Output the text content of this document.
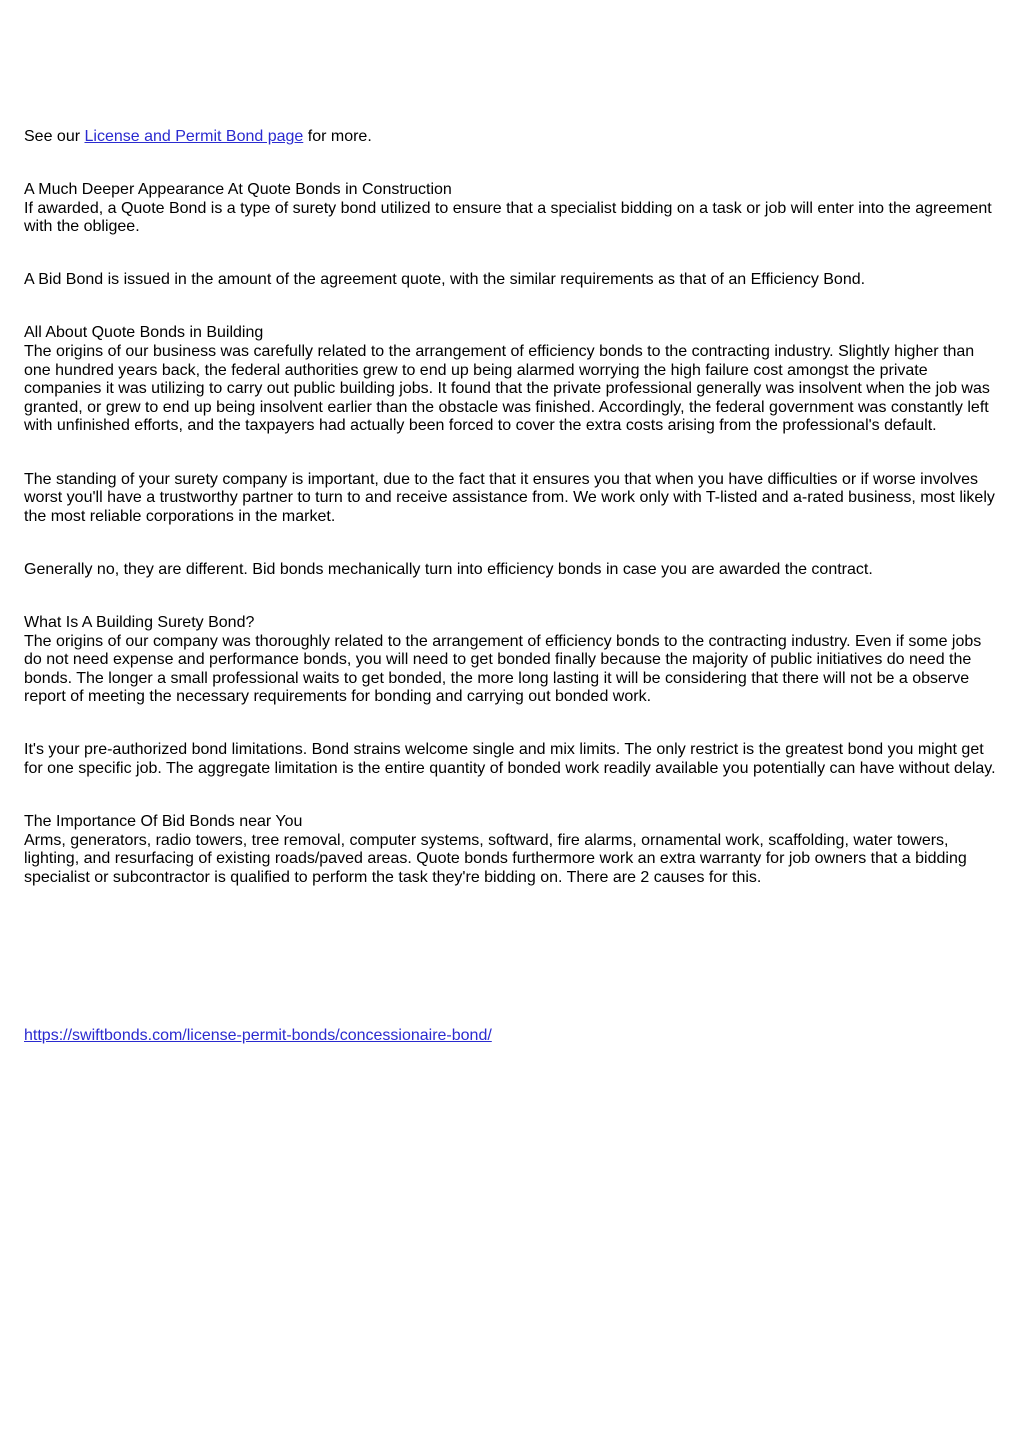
See our License and Permit Bond page for more.

A Much Deeper Appearance At Quote Bonds in Construction

If awarded, a Quote Bond is a type of surety bond utilized to ensure that a specialist bidding on a task or job will enter into the agreement with the obligee.

A Bid Bond is issued in the amount of the agreement quote, with the similar requirements as that of an Efficiency Bond.

All About Quote Bonds in Building

The origins of our business was carefully related to the arrangement of efficiency bonds to the contracting industry. Slightly higher than one hundred years back, the federal authorities grew to end up being alarmed worrying the high failure cost amongst the private companies it was utilizing to carry out public building jobs. It found that the private professional generally was insolvent when the job was granted, or grew to end up being insolvent earlier than the obstacle was finished. Accordingly, the federal government was constantly left with unfinished efforts, and the taxpayers had actually been forced to cover the extra costs arising from the professional's default.

The standing of your surety company is important, due to the fact that it ensures you that when you have difficulties or if worse involves worst you'll have a trustworthy partner to turn to and receive assistance from. We work only with T-listed and a-rated business, most likely the most reliable corporations in the market.

Generally no, they are different. Bid bonds mechanically turn into efficiency bonds in case you are awarded the contract.

What Is A Building Surety Bond?

The origins of our company was thoroughly related to the arrangement of efficiency bonds to the contracting industry. Even if some jobs do not need expense and performance bonds, you will need to get bonded finally because the majority of public initiatives do need the bonds. The longer a small professional waits to get bonded, the more long lasting it will be considering that there will not be a observe report of meeting the necessary requirements for bonding and carrying out bonded work.

It's your pre-authorized bond limitations. Bond strains welcome single and mix limits. The only restrict is the greatest bond you might get for one specific job. The aggregate limitation is the entire quantity of bonded work readily available you potentially can have without delay.

The Importance Of Bid Bonds near You

Arms, generators, radio towers, tree removal, computer systems, softward, fire alarms, ornamental work, scaffolding, water towers, lighting, and resurfacing of existing roads/paved areas. Quote bonds furthermore work an extra warranty for job owners that a bidding specialist or subcontractor is qualified to perform the task they're bidding on. There are 2 causes for this.

https://swiftbonds.com/license-permit-bonds/concessionaire-bond/
